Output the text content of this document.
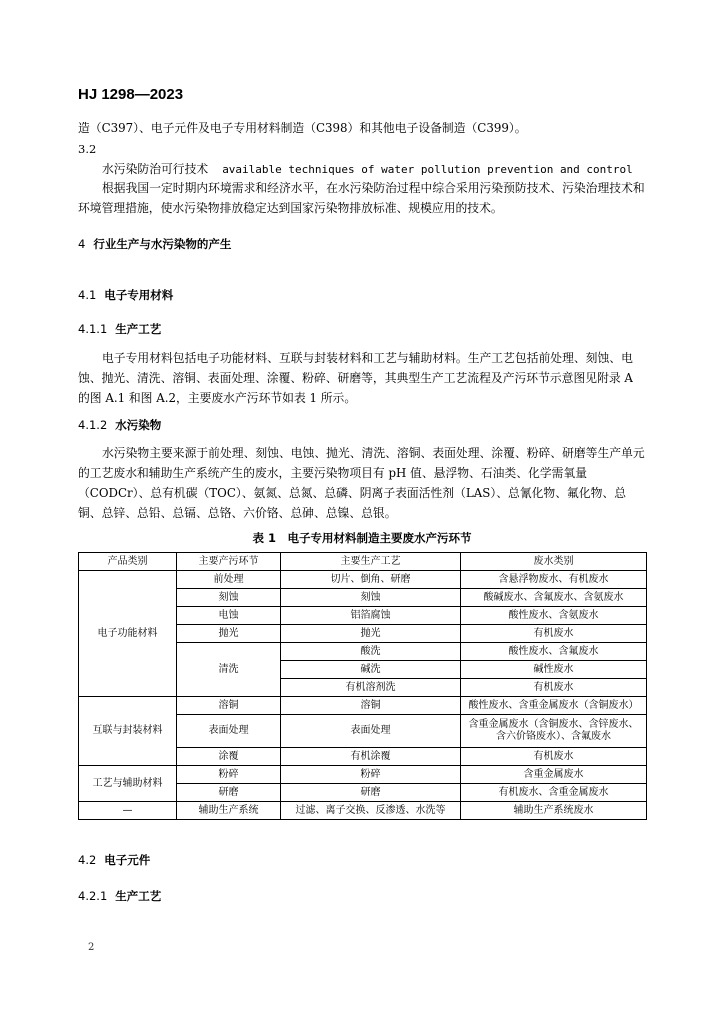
HJ 1298—2023
造（C397）、电子元件及电子专用材料制造（C398）和其他电子设备制造（C399）。
3.2
水污染防治可行技术 available techniques of water pollution prevention and control
根据我国一定时期内环境需求和经济水平，在水污染防治过程中综合采用污染预防技术、污染治理技术和环境管理措施，使水污染物排放稳定达到国家污染物排放标准、规模应用的技术。
4 行业生产与水污染物的产生
4.1 电子专用材料
4.1.1 生产工艺
电子专用材料包括电子功能材料、互联与封装材料和工艺与辅助材料。生产工艺包括前处理、刻蚀、电蚀、抛光、清洗、溶铜、表面处理、涂覆、粉碎、研磨等，其典型生产工艺流程及产污环节示意图见附录 A 的图 A.1 和图 A.2，主要废水产污环节如表 1 所示。
4.1.2 水污染物
水污染物主要来源于前处理、刻蚀、电蚀、抛光、清洗、溶铜、表面处理、涂覆、粉碎、研磨等生产单元的工艺废水和辅助生产系统产生的废水，主要污染物项目有 pH 值、悬浮物、石油类、化学需氧量（CODCr）、总有机碳（TOC）、氨氮、总氮、总磷、阴离子表面活性剂（LAS）、总氰化物、氟化物、总铜、总锌、总铅、总镉、总铬、六价铬、总砷、总镍、总银。
表 1　电子专用材料制造主要废水产污环节
产品类别	主要产污环节	主要生产工艺	废水类别
电子功能材料	前处理	切片、倒角、研磨	含悬浮物废水、有机废水
	刻蚀	刻蚀	酸碱废水、含氟废水、含氨废水
	电蚀	铝箔腐蚀	酸性废水、含氨废水
	抛光	抛光	有机废水
	清洗	酸洗	酸性废水、含氟废水
		碱洗	碱性废水
		有机溶剂洗	有机废水
互联与封装材料	溶铜	溶铜	酸性废水、含重金属废水（含铜废水）
	表面处理	表面处理	含重金属废水（含铜废水、含锌废水、含六价铬废水）、含氟废水
	涂覆	有机涂覆	有机废水
工艺与辅助材料	粉碎	粉碎	含重金属废水
	研磨	研磨	有机废水、含重金属废水
—	辅助生产系统	过滤、离子交换、反渗透、水洗等	辅助生产系统废水
4.2 电子元件
4.2.1 生产工艺
2
